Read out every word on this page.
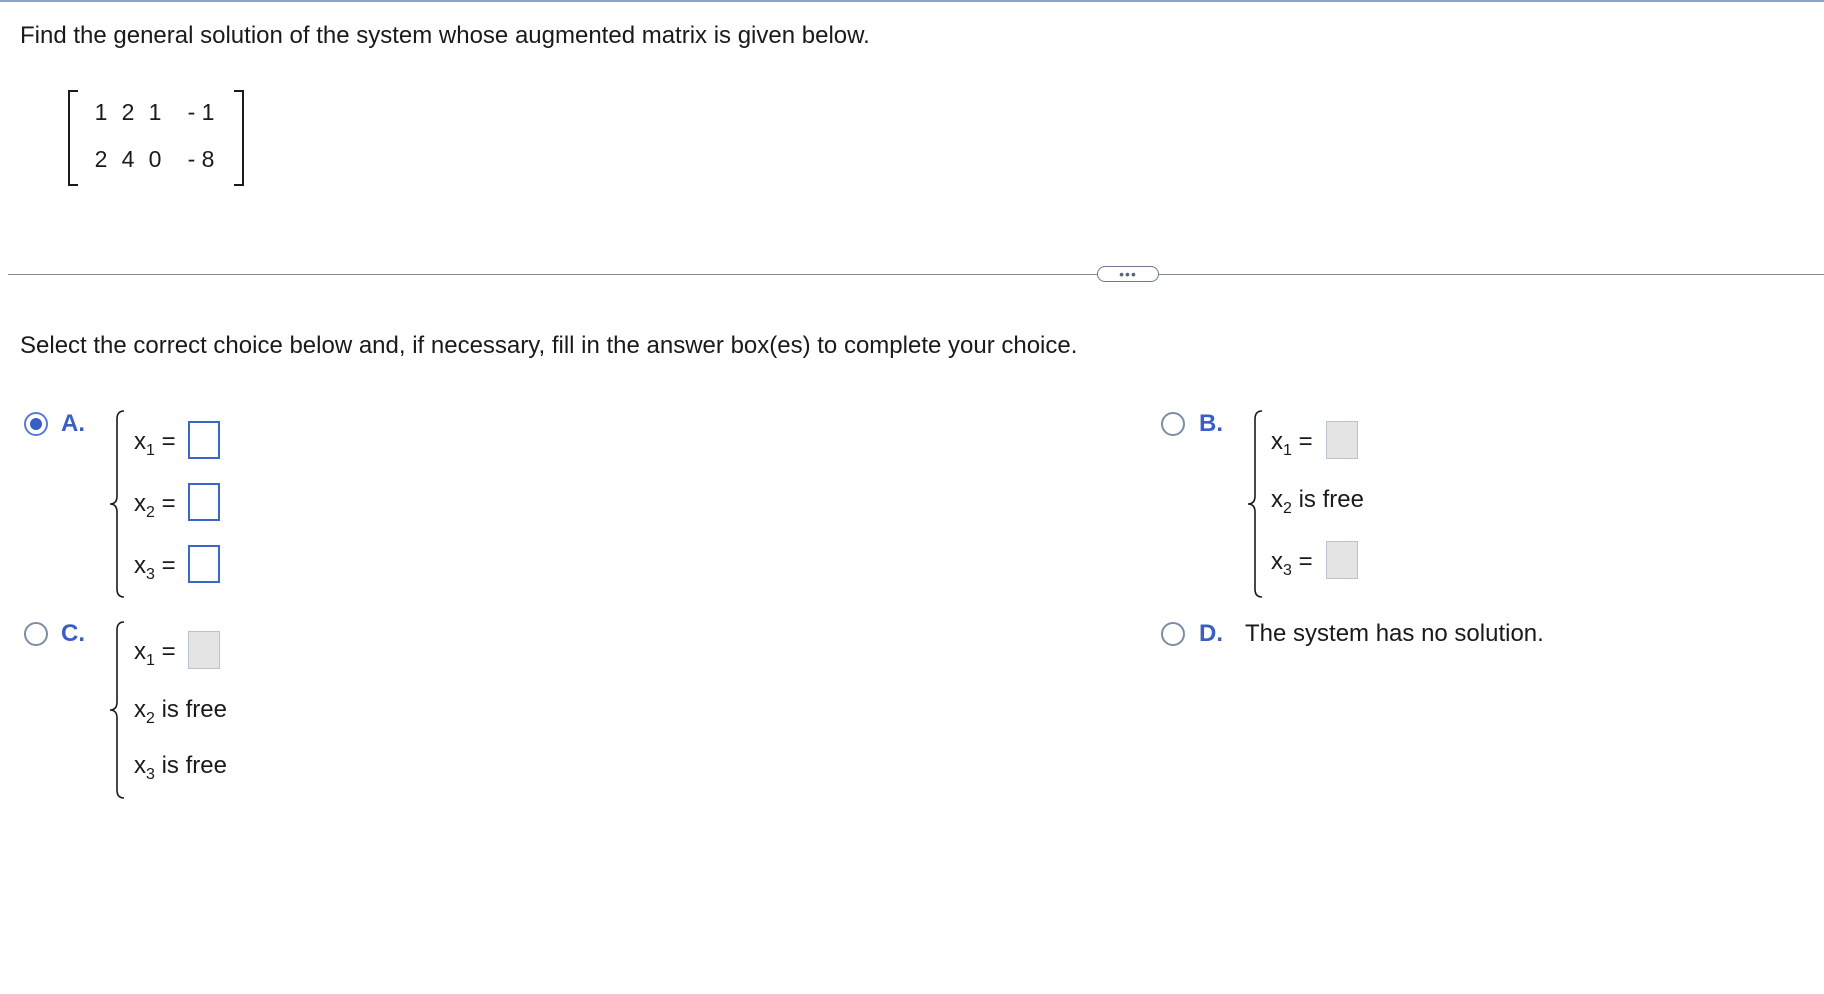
Find the general solution of the system whose augmented matrix is given below.
1 2 1	- 1
2 4 0	- 8
•••
Select the correct choice below and, if necessary, fill in the answer box(es) to complete your choice.
A.
$x_1$ =
$x_2$ =
$x_3$ =
B.
$x_1$ =
$x_2$ is free
$x_3$ =
C.
$x_1$ =
$x_2$ is free
$x_3$ is free
D. The system has no solution.
